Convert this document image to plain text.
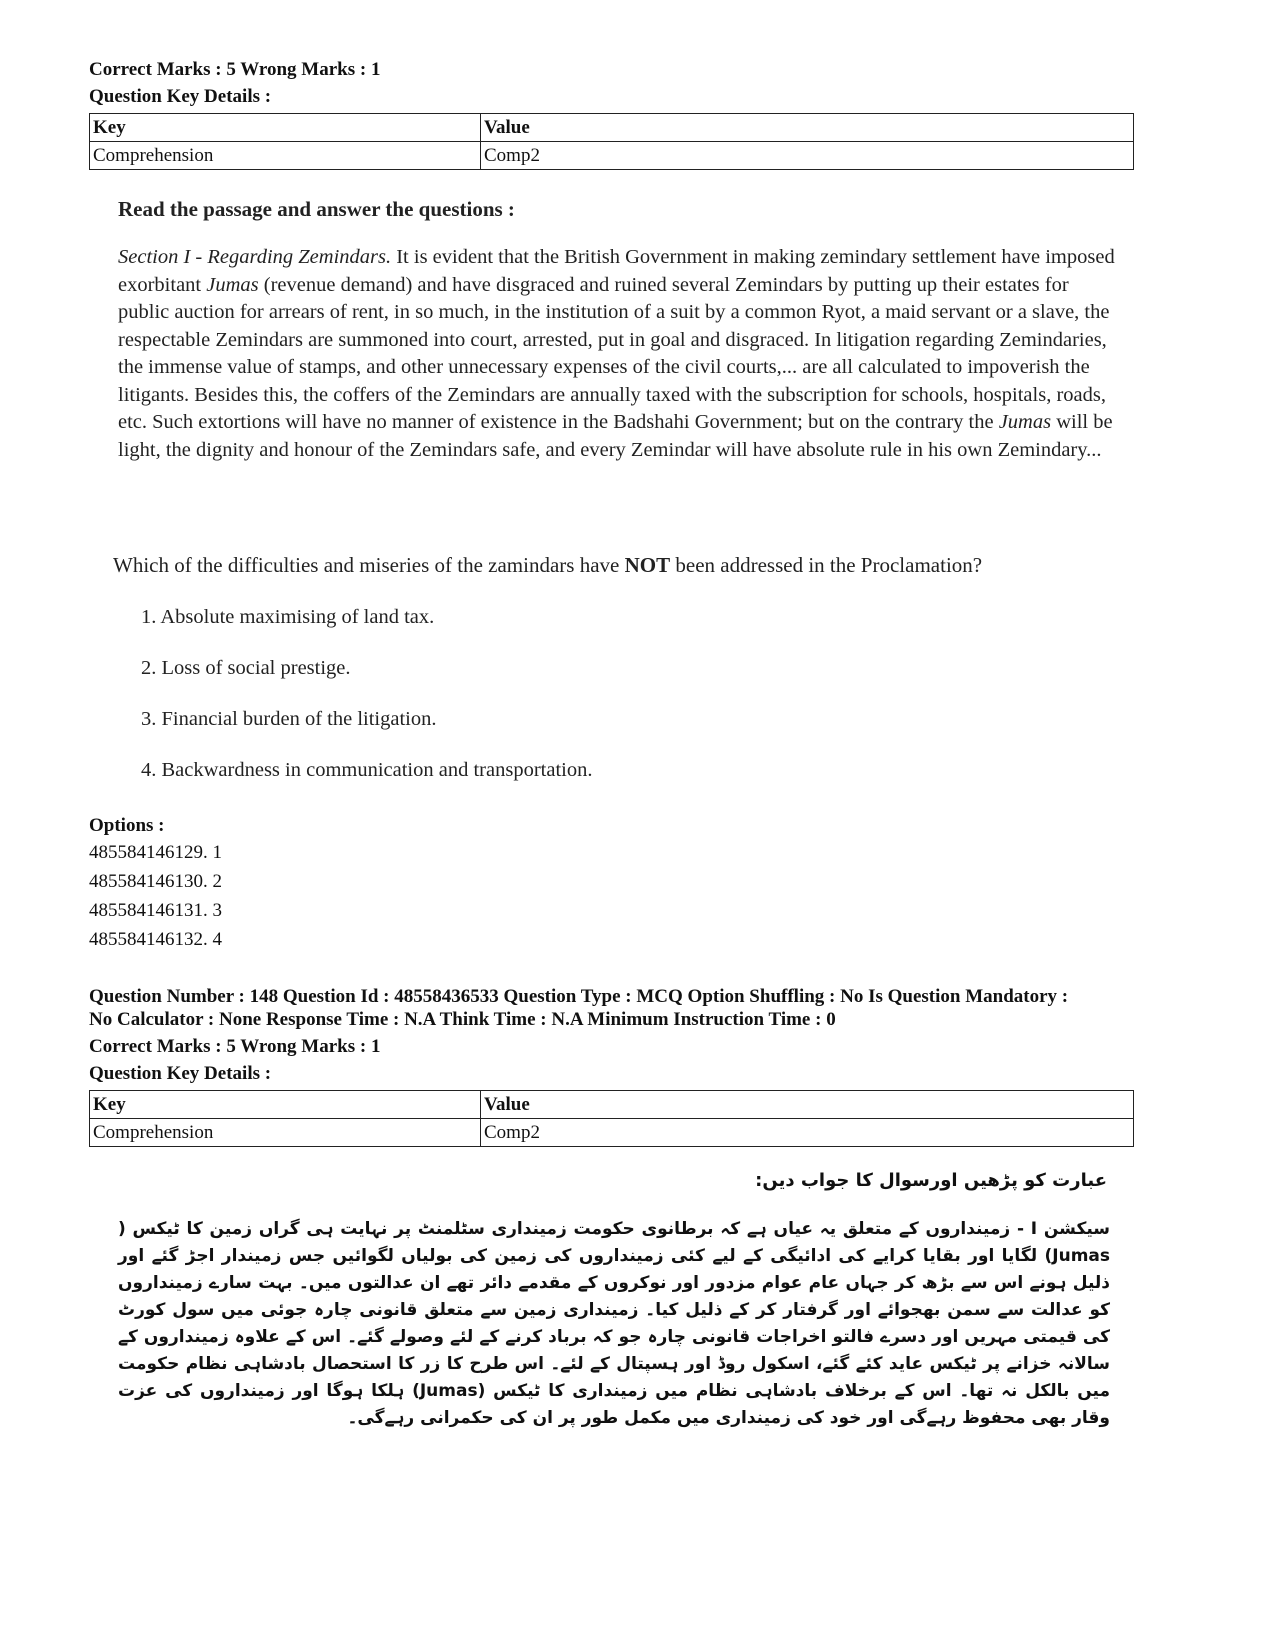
Correct Marks : 5 Wrong Marks : 1
Question Key Details :
Key	Value
Comprehension	Comp2
Read the passage and answer the questions :
Section I - Regarding Zemindars. It is evident that the British Government in making zemindary settlement have imposed exorbitant Jumas (revenue demand) and have disgraced and ruined several Zemindars by putting up their estates for public auction for arrears of rent, in so much, in the institution of a suit by a common Ryot, a maid servant or a slave, the respectable Zemindars are summoned into court, arrested, put in goal and disgraced. In litigation regarding Zemindaries, the immense value of stamps, and other unnecessary expenses of the civil courts,... are all calculated to impoverish the litigants. Besides this, the coffers of the Zemindars are annually taxed with the subscription for schools, hospitals, roads, etc. Such extortions will have no manner of existence in the Badshahi Government; but on the contrary the Jumas will be light, the dignity and honour of the Zemindars safe, and every Zemindar will have absolute rule in his own Zemindary...
Which of the difficulties and miseries of the zamindars have NOT been addressed in the Proclamation?
1. Absolute maximising of land tax.
2. Loss of social prestige.
3. Financial burden of the litigation.
4. Backwardness in communication and transportation.
Options :
485584146129. 1
485584146130. 2
485584146131. 3
485584146132. 4
Question Number : 148 Question Id : 48558436533 Question Type : MCQ Option Shuffling : No Is Question Mandatory :
No Calculator : None Response Time : N.A Think Time : N.A Minimum Instruction Time : 0
Correct Marks : 5 Wrong Marks : 1
Question Key Details :
Key	Value
Comprehension	Comp2
عبارت کو پڑھیں اورسوال کا جواب دیں:
سیکشن I - زمینداروں کے متعلق یہ عیاں ہے کہ برطانوی حکومت زمینداری سٹلمنٹ پر نہایت ہی گراں زمین کا ٹیکس ( Jumas) لگایا اور بقایا کرایے کی ادائیگی کے لیے کئی زمینداروں کی زمین کی بولیاں لگوائیں جس زمیندار اجڑ گئے اور ذلیل ہونے اس سے بڑھ کر جہاں عام عوام مزدور اور نوکروں کے مقدمے دائر تھے ان عدالتوں میں۔ بہت سارے زمینداروں کو عدالت سے سمن بھجوائے اور گرفتار کر کے ذلیل کیا۔ زمینداری زمین سے متعلق قانونی چارہ جوئی میں سول کورٹ کی قیمتی مہریں اور دسرے فالتو اخراجات قانونی چارہ جو کہ برباد کرنے کے لئے وصولے گئے۔ اس کے علاوہ زمینداروں کے سالانہ خزانے پر ٹیکس عاید کئے گئے، اسکول روڈ اور ہسپتال کے لئے۔ اس طرح کا زر کا استحصال بادشاہی نظام حکومت میں بالکل نہ تھا۔ اس کے برخلاف بادشاہی نظام میں زمینداری کا ٹیکس (Jumas) ہلکا ہوگا اور زمینداروں کی عزت وقار بھی محفوظ رہےگی اور خود کی زمینداری میں مکمل طور پر ان کی حکمرانی رہےگی۔
